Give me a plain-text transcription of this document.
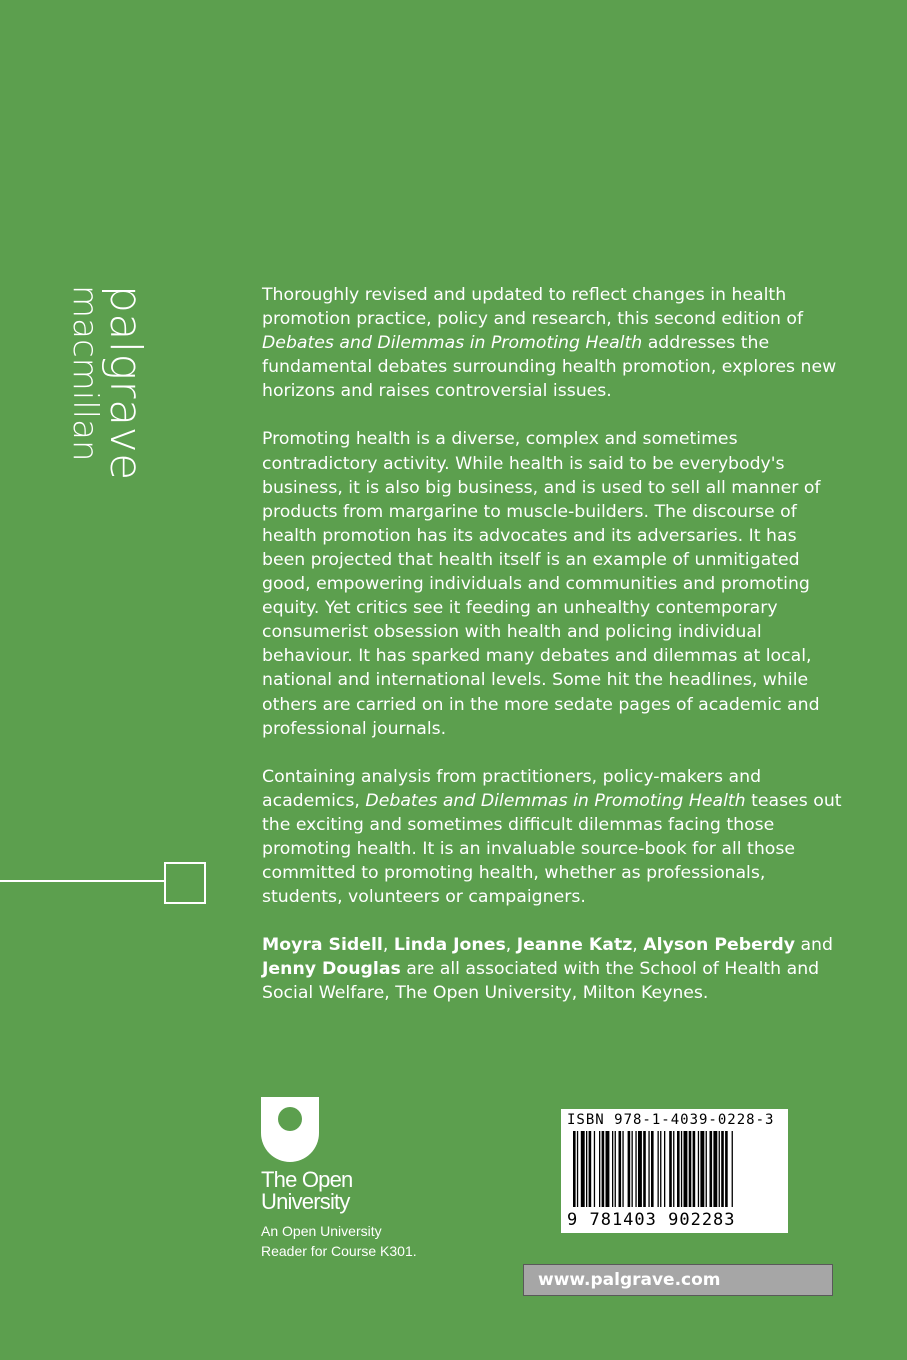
palgrave
macmillan	Thoroughly revised and updated to reflect changes in health promotion practice, policy and research, this second edition of Debates and Dilemmas in Promoting Health addresses the fundamental debates surrounding health promotion, explores new horizons and raises controversial issues.

Promoting health is a diverse, complex and sometimes contradictory activity. While health is said to be everybody's business, it is also big business, and is used to sell all manner of products from margarine to muscle-builders. The discourse of health promotion has its advocates and its adversaries. It has been projected that health itself is an example of unmitigated good, empowering individuals and communities and promoting equity. Yet critics see it feeding an unhealthy contemporary consumerist obsession with health and policing individual behaviour. It has sparked many debates and dilemmas at local, national and international levels. Some hit the headlines, while others are carried on in the more sedate pages of academic and professional journals.

Containing analysis from practitioners, policy-makers and academics, Debates and Dilemmas in Promoting Health teases out the exciting and sometimes difficult dilemmas facing those promoting health. It is an invaluable source-book for all those committed to promoting health, whether as professionals, students, volunteers or campaigners.

Moyra Sidell, Linda Jones, Jeanne Katz, Alyson Peberdy and Jenny Douglas are all associated with the School of Health and Social Welfare, The Open University, Milton Keynes.

The Open
University
An Open University
Reader for Course K301.
ISBN 978-1-4039-0228-3
9 781403 902283
www.palgrave.com
